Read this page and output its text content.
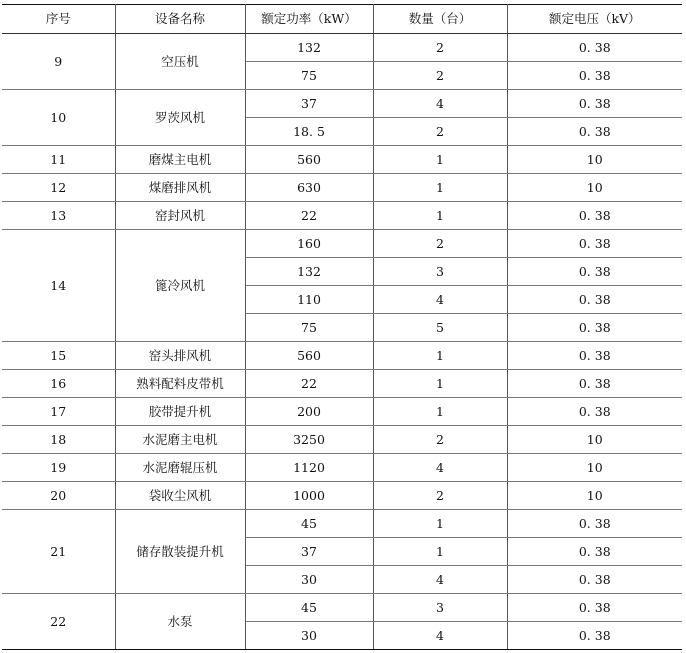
序号	设备名称	额定功率（kW）	数量（台）	额定电压（kV）
9	空压机	132	2	0. 38
		75	2	0. 38
10	罗茨风机	37	4	0. 38
		18. 5	2	0. 38
11	磨煤主电机	560	1	10
12	煤磨排风机	630	1	10
13	窑封风机	22	1	0. 38
14	篦冷风机	160	2	0. 38
		132	3	0. 38
		110	4	0. 38
		75	5	0. 38
15	窑头排风机	560	1	0. 38
16	熟料配料皮带机	22	1	0. 38
17	胶带提升机	200	1	0. 38
18	水泥磨主电机	3250	2	10
19	水泥磨辊压机	1120	4	10
20	袋收尘风机	1000	2	10
21	储存散装提升机	45	1	0. 38
		37	1	0. 38
		30	4	0. 38
22	水泵	45	3	0. 38
		30	4	0. 38
